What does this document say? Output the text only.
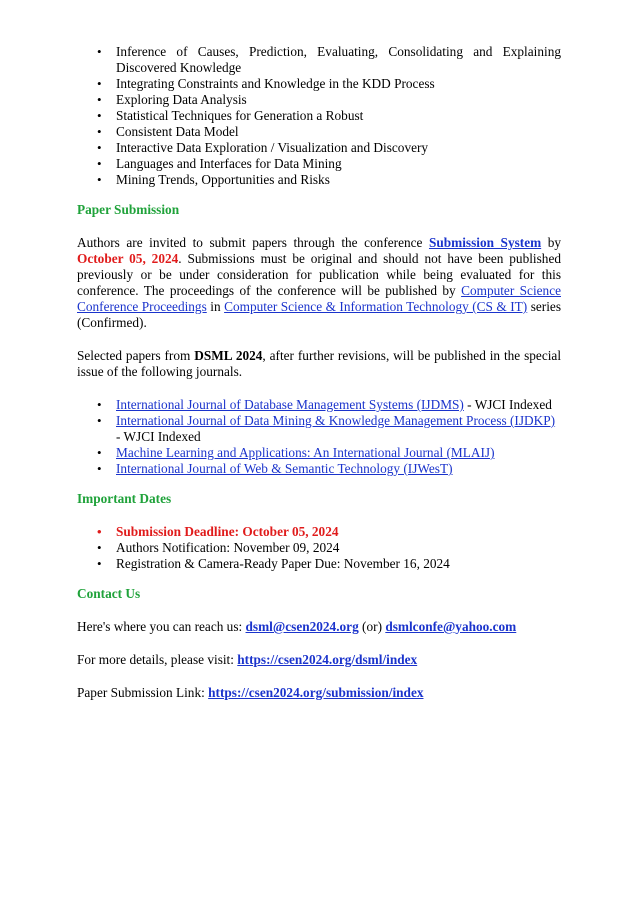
• Inference of Causes, Prediction, Evaluating, Consolidating and Explaining Discovered Knowledge
• Integrating Constraints and Knowledge in the KDD Process
• Exploring Data Analysis
• Statistical Techniques for Generation a Robust
• Consistent Data Model
• Interactive Data Exploration / Visualization and Discovery
• Languages and Interfaces for Data Mining
• Mining Trends, Opportunities and Risks
Paper Submission

Authors are invited to submit papers through the conference Submission System by October 05, 2024. Submissions must be original and should not have been published previously or be under consideration for publication while being evaluated for this conference. The proceedings of the conference will be published by Computer Science Conference Proceedings in Computer Science & Information Technology (CS & IT) series (Confirmed).

Selected papers from DSML 2024, after further revisions, will be published in the special issue of the following journals.

• International Journal of Database Management Systems (IJDMS) - WJCI Indexed
• International Journal of Data Mining & Knowledge Management Process (IJDKP) - WJCI Indexed
• Machine Learning and Applications: An International Journal (MLAIJ)
• International Journal of Web & Semantic Technology (IJWesT)
Important Dates
• Submission Deadline: October 05, 2024
• Authors Notification: November 09, 2024
• Registration & Camera-Ready Paper Due: November 16, 2024
Contact Us

Here's where you can reach us: dsml@csen2024.org (or) dsmlconfe@yahoo.com

For more details, please visit: https://csen2024.org/dsml/index

Paper Submission Link: https://csen2024.org/submission/index
